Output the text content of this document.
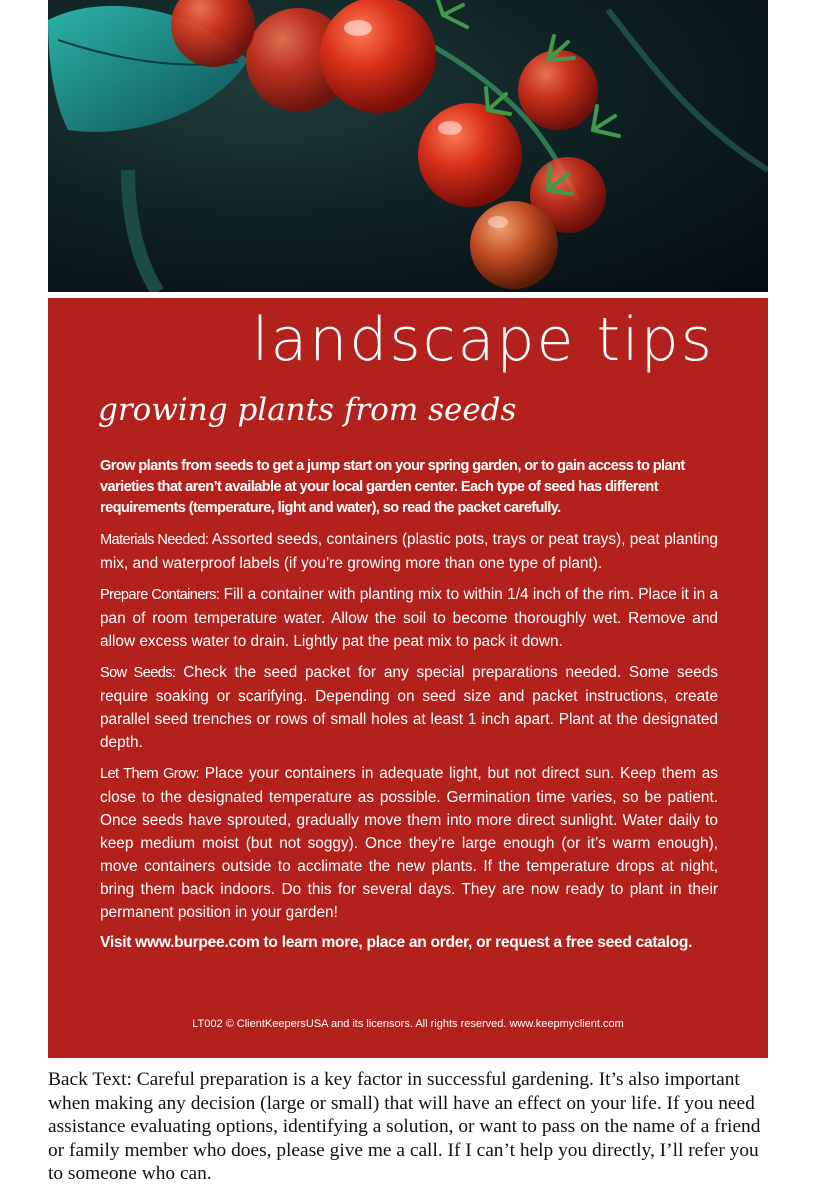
landscape tips
growing plants from seeds

Grow plants from seeds to get a jump start on your spring garden, or to gain access to plant varieties that aren’t available at your local garden center. Each type of seed has different requirements (temperature, light and water), so read the packet carefully.

Materials Needed: Assorted seeds, containers (plastic pots, trays or peat trays), peat planting mix, and waterproof labels (if you’re growing more than one type of plant).

Prepare Containers: Fill a container with planting mix to within 1/4 inch of the rim. Place it in a pan of room temperature water. Allow the soil to become thoroughly wet. Remove and allow excess water to drain. Lightly pat the peat mix to pack it down.

Sow Seeds: Check the seed packet for any special preparations needed. Some seeds require soaking or scarifying. Depending on seed size and packet instructions, create parallel seed trenches or rows of small holes at least 1 inch apart. Plant at the designated depth.

Let Them Grow: Place your containers in adequate light, but not direct sun. Keep them as close to the designated temperature as possible. Germination time varies, so be patient. Once seeds have sprouted, gradually move them into more direct sunlight. Water daily to keep medium moist (but not soggy). Once they’re large enough (or it’s warm enough), move containers outside to acclimate the new plants. If the temperature drops at night, bring them back indoors. Do this for several days. They are now ready to plant in their permanent position in your garden!

Visit www.burpee.com to learn more, place an order, or request a free seed catalog.

LT002 © ClientKeepersUSA and its licensors. All rights reserved. www.keepmyclient.com
Back Text: Careful preparation is a key factor in successful gardening. It’s also important when making any decision (large or small) that will have an effect on your life. If you need assistance evaluating options, identifying a solution, or want to pass on the name of a friend or family member who does, please give me a call. If I can’t help you directly, I’ll refer you to someone who can.
